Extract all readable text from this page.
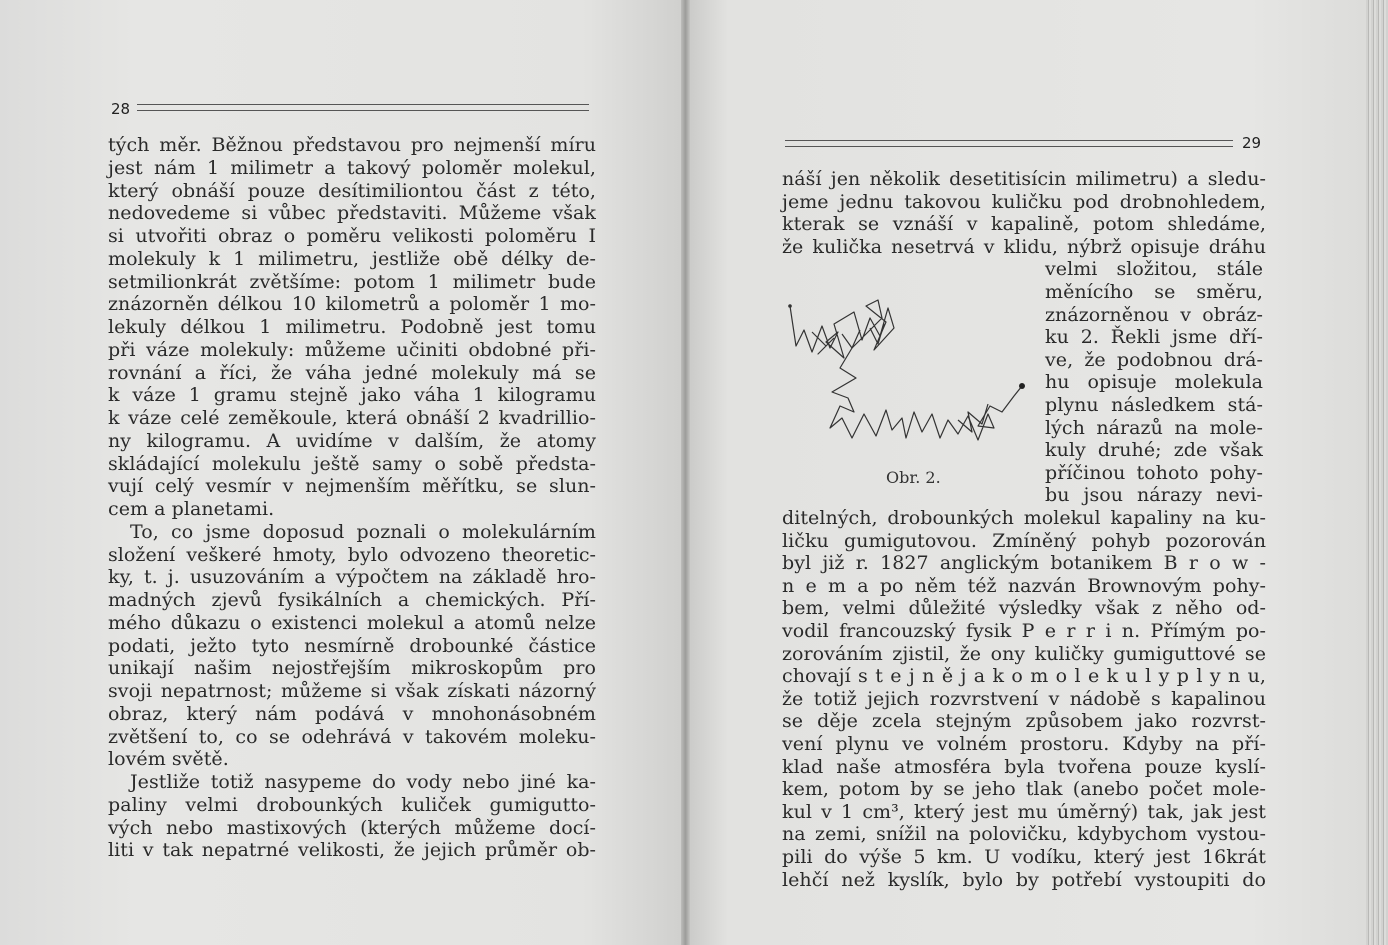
28

tých měr. Běžnou představou pro nejmenší míru

jest nám 1 milimetr a takový poloměr molekul,

který obnáší pouze desítimiliontou část z této,

nedovedeme si vůbec představiti. Můžeme však

si utvořiti obraz o poměru velikosti poloměru I

molekuly k 1 milimetru, jestliže obě délky de-

setmilionkrát zvětšíme: potom 1 milimetr bude

znázorněn délkou 10 kilometrů a poloměr 1 mo-

lekuly délkou 1 milimetru. Podobně jest tomu

při váze molekuly: můžeme učiniti obdobné při-

rovnání a říci, že váha jedné molekuly má se

k váze 1 gramu stejně jako váha 1 kilogramu

k váze celé zeměkoule, která obnáší 2 kvadrillio-

ny kilogramu. A uvidíme v dalším, že atomy

skládající molekulu ještě samy o sobě předsta-

vují celý vesmír v nejmenším měřítku, se slun-

cem a planetami.

To, co jsme doposud poznali o molekulárním

složení veškeré hmoty, bylo odvozeno theoretic-

ky, t. j. usuzováním a výpočtem na základě hro-

madných zjevů fysikálních a chemických. Pří-

mého důkazu o existenci molekul a atomů nelze

podati, ježto tyto nesmírně drobounké částice

unikají našim nejostřejším mikroskopům pro

svoji nepatrnost; můžeme si však získati názorný

obraz, který nám podává v mnohonásobném

zvětšení to, co se odehrává v takovém moleku-

lovém světě.

Jestliže totiž nasypeme do vody nebo jiné ka-

paliny velmi drobounkých kuliček gumigutto-

vých nebo mastixových (kterých můžeme docí-

liti v tak nepatrné velikosti, že jejich průměr ob-

29

náší jen několik desetitisícin milimetru) a sledu-

jeme jednu takovou kuličku pod drobnohledem,

kterak se vznáší v kapalině, potom shledáme,

že kulička nesetrvá v klidu, nýbrž opisuje dráhu

velmi složitou, stále

měnícího se směru,

znázorněnou v obráz-

ku 2. Řekli jsme dří-

ve, že podobnou drá-

hu opisuje molekula

plynu následkem stá-

lých nárazů na mole-

kuly druhé; zde však

příčinou tohoto pohy-

bu jsou nárazy nevi-

ditelných, drobounkých molekul kapaliny na ku-

ličku gumigutovou. Zmíněný pohyb pozorován

byl již r. 1827 anglickým botanikem B r o w -

n e m a po něm též nazván Brownovým pohy-

bem, velmi důležité výsledky však z něho od-

vodil francouzský fysik P e r r i n. Přímým po-

zorováním zjistil, že ony kuličky gumiguttové se

chovají s t e j n ě j a k o m o l e k u l y p l y n u,

že totiž jejich rozvrstvení v nádobě s kapalinou

se děje zcela stejným způsobem jako rozvrst-

vení plynu ve volném prostoru. Kdyby na pří-

klad naše atmosféra byla tvořena pouze kyslí-

kem, potom by se jeho tlak (anebo počet mole-

kul v 1 cm³, který jest mu úměrný) tak, jak jest

na zemi, snížil na polovičku, kdybychom vystou-

pili do výše 5 km. U vodíku, který jest 16krát

lehčí než kyslík, bylo by potřebí vystoupiti do

Obr. 2.
